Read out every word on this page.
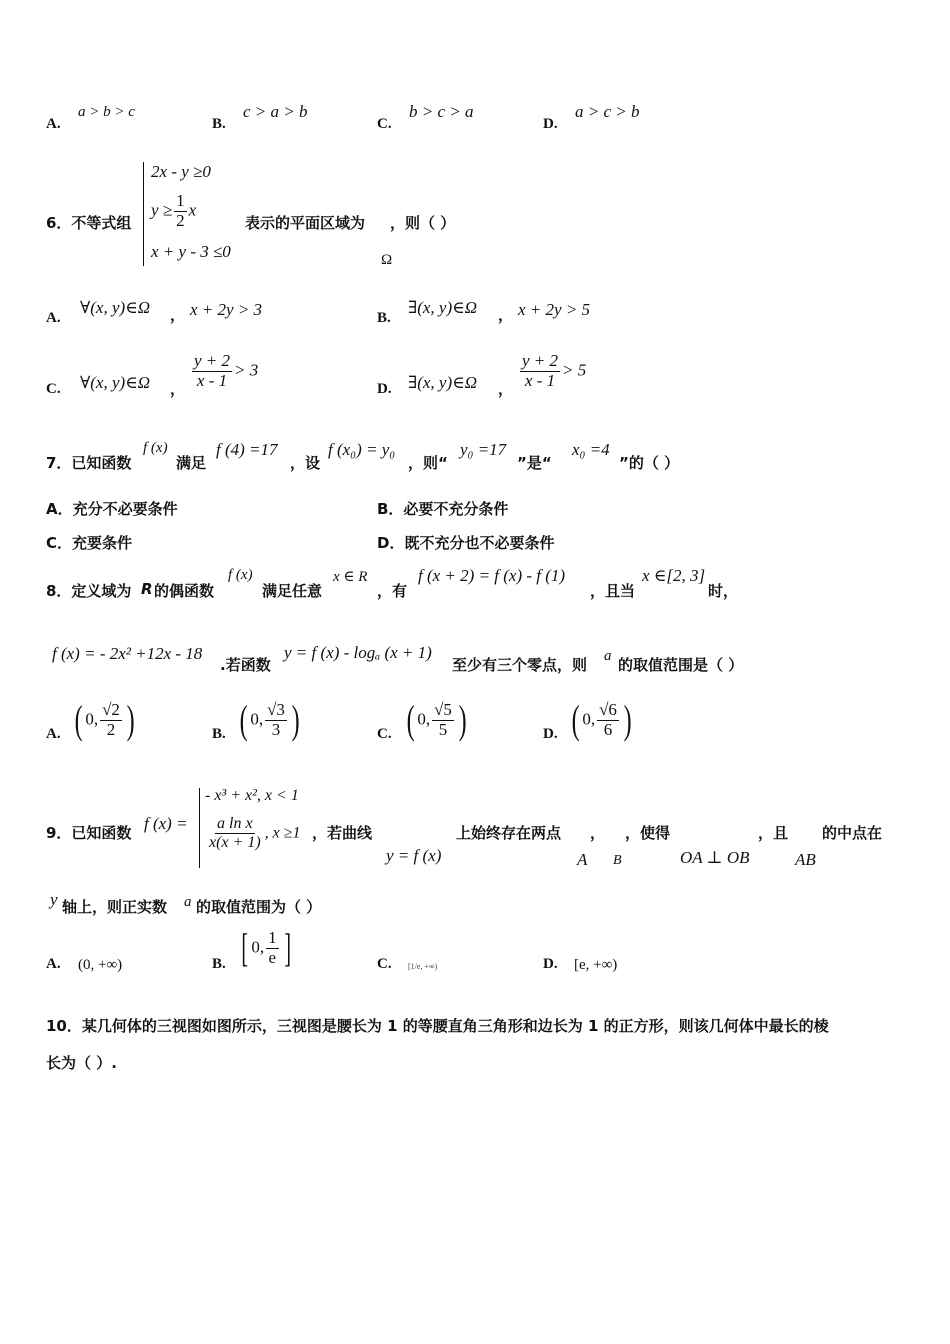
A.
a > b > c
B.
c > a > b
C.
b > c > a
D.
a > c > b
6．不等式组
2x - y ≥0
$y \ge \frac{1}{2}$ x
x + y - 3 ≤0
表示的平面区域为 ，则（ ）
Ω
A.
∀(x, y)∈Ω ， x + 2y > 3	B.
∃(x, y)∈Ω ， x + 2y > 5
C. ∀(x, y)∈Ω ， $\frac{y + 2}{x - 1} > 3$
D. ∃(x, y)∈Ω ， $\frac{y + 2}{x - 1} > 5$
7．已知函数
f (x)
满足
f (4) =17
，设
f (x₀) = y₀
，则“
y₀ =17
”是“
x₀ =4
”的（ ）
A．充分不必要条件	B．必要不充分条件
C．充要条件	D．既不充分也不必要条件
8．定义域为 R 的偶函数
f (x)
满足任意
x ∈ R
，有
f (x + 2) = f (x) - f (1)
，且当
x ∈[2, 3]
时，
f (x) = - 2x² +12x - 18
.若函数
y = f (x) - logₐ (x + 1)
至少有三个零点，则 a 的取值范围是（ ）
A. ( 0, $\frac{√2}{2}$ )	B. ( 0, $\frac{√3}{3}$ )	C. ( 0, $\frac{√5}{5}$ )	D. ( 0, $\frac{√6}{6}$ )
9．已知函数 f (x) =
- x³ + x², x < 1
$\frac{\text{a ln x}}{x(x + 1)}$ , x ≥1 ，若曲线
y = f (x)
上始终存在两点
A
，
B
，使得
OA ⊥ OB
，且
AB
的中点在
y 轴上，则正实数 a 的取值范围为（ ）
A. (0, +∞)	B. [ 0, $\frac{1}{e}$ ]	C. [1/e, +∞)	D. [e, +∞)
10．某几何体的三视图如图所示，三视图是腰长为 1 的等腰直角三角形和边长为 1 的正方形，则该几何体中最长的棱
长为（ ）.
